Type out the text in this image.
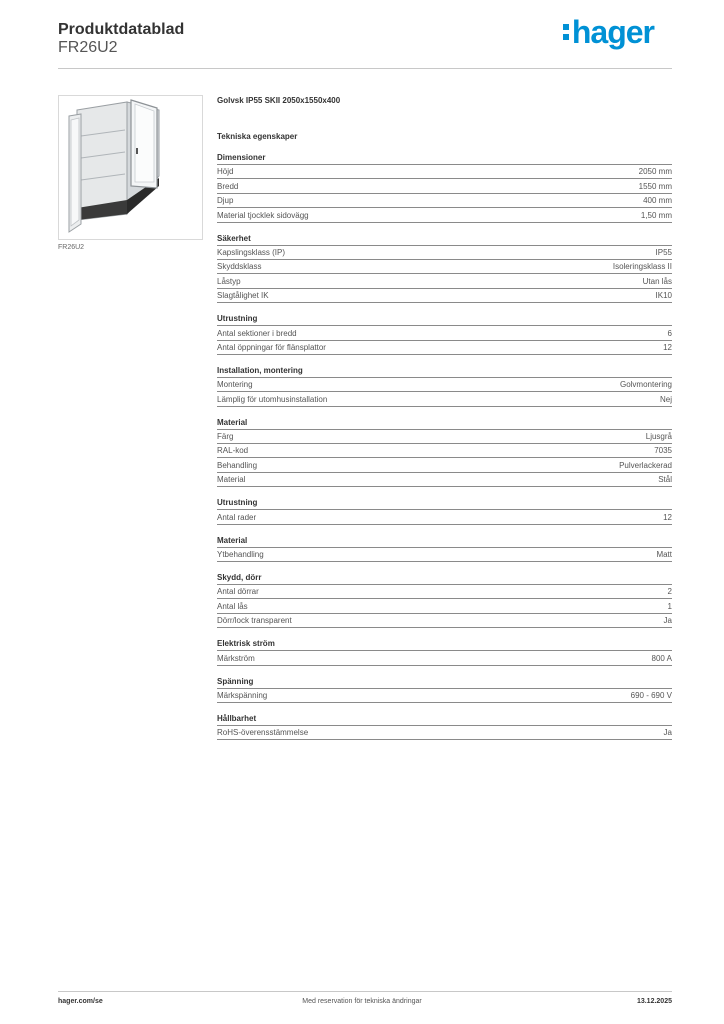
Produktdatablad
FR26U2	hager
FR26U2

Golvsk IP55 SKII 2050x1550x400

Tekniska egenskaper

Dimensioner
Höjd	2050 mm
Bredd	1550 mm
Djup	400 mm
Material tjocklek sidovägg	1,50 mm
Säkerhet
Kapslingsklass (IP)	IP55
Skyddsklass	Isoleringsklass II
Låstyp	Utan lås
Slagtålighet IK	IK10
Utrustning
Antal sektioner i bredd	6
Antal öppningar för flänsplattor	12
Installation, montering
Montering	Golvmontering
Lämplig för utomhusinstallation	Nej
Material
Färg	Ljusgrå
RAL-kod	7035
Behandling	Pulverlackerad
Material	Stål
Utrustning
Antal rader	12
Material
Ytbehandling	Matt
Skydd, dörr
Antal dörrar	2
Antal lås	1
Dörr/lock transparent	Ja
Elektrisk ström
Märkström	800 A
Spänning
Märkspänning	690 - 690 V
Hållbarhet
RoHS-överensstämmelse	Ja
hager.com/se	Med reservation för tekniska ändringar	13.12.2025
